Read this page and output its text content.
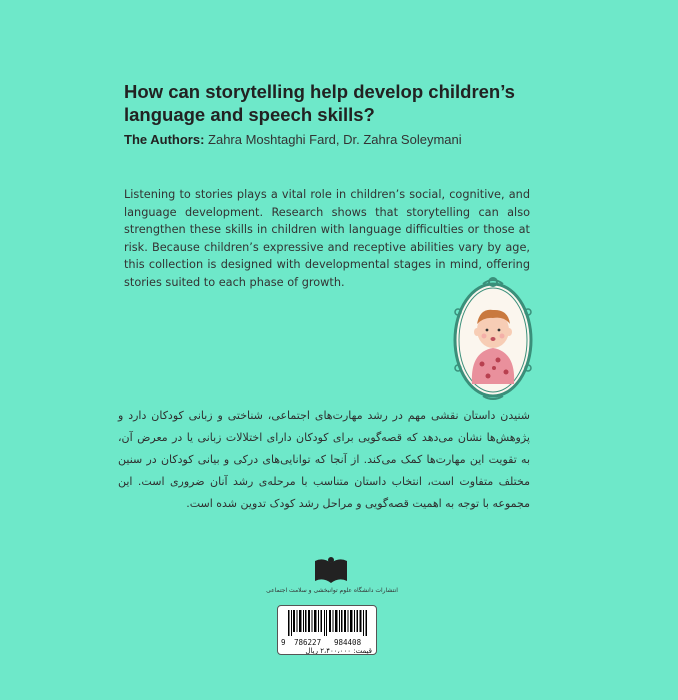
How can storytelling help develop children’s language and speech skills?
The Authors: Zahra Moshtaghi Fard, Dr. Zahra Soleymani

Listening to stories plays a vital role in children’s social, cognitive, and language development. Research shows that storytelling can also strengthen these skills in children with language difficulties or those at risk. Because children’s expressive and receptive abilities vary by age, this collection is designed with developmental stages in mind, offering stories suited to each phase of growth.

شنیدن داستان نقشی مهم در رشد مهارت‌های اجتماعی، شناختی و زبانی کودکان دارد و پژوهش‌ها نشان می‌دهد که قصه‌گویی برای کودکان دارای اختلالات زبانی یا در معرض آن، به تقویت این مهارت‌ها کمک می‌کند. از آنجا که توانایی‌های درکی و بیانی کودکان در سنین مختلف متفاوت است، انتخاب داستان متناسب با مرحله‌ی رشد آنان ضروری است. این مجموعه با توجه به اهمیت قصه‌گویی و مراحل رشد کودک تدوین شده است.

انتشارات دانشگاه علوم توانبخشی و سلامت اجتماعی
9 786227 984408
قیمت: ۲،۴۰۰،۰۰۰ ریال
